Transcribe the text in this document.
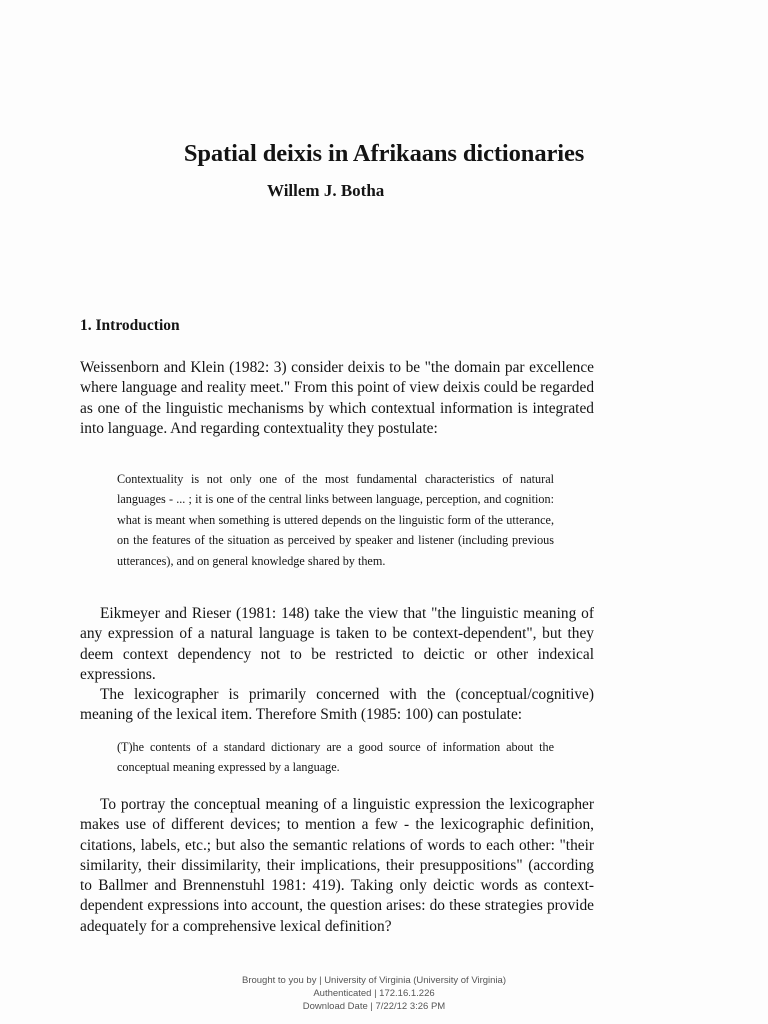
Spatial deixis in Afrikaans dictionaries
Willem J. Botha
1. Introduction

Weissenborn and Klein (1982: 3) consider deixis to be "the domain par excellence where language and reality meet." From this point of view deixis could be regarded as one of the linguistic mechanisms by which contextual information is integrated into language. And regarding contextuality they postulate:

Contextuality is not only one of the most fundamental characteristics of natural languages - ... ; it is one of the central links between language, perception, and cognition: what is meant when something is uttered depends on the linguistic form of the utterance, on the features of the situation as perceived by speaker and listener (including previous utterances), and on general knowledge shared by them.

Eikmeyer and Rieser (1981: 148) take the view that "the linguistic meaning of any expression of a natural language is taken to be context-dependent", but they deem context dependency not to be restricted to deictic or other indexical expressions.

The lexicographer is primarily concerned with the (conceptual/cognitive) meaning of the lexical item. Therefore Smith (1985: 100) can postulate:

(T)he contents of a standard dictionary are a good source of information about the conceptual meaning expressed by a language.

To portray the conceptual meaning of a linguistic expression the lexicographer makes use of different devices; to mention a few - the lexicographic definition, citations, labels, etc.; but also the semantic relations of words to each other: "their similarity, their dissimilarity, their implications, their presuppositions" (according to Ballmer and Brennenstuhl 1981: 419). Taking only deictic words as context-dependent expressions into account, the question arises: do these strategies provide adequately for a comprehensive lexical definition?

Brought to you by | University of Virginia (University of Virginia)
Authenticated | 172.16.1.226
Download Date | 7/22/12 3:26 PM
